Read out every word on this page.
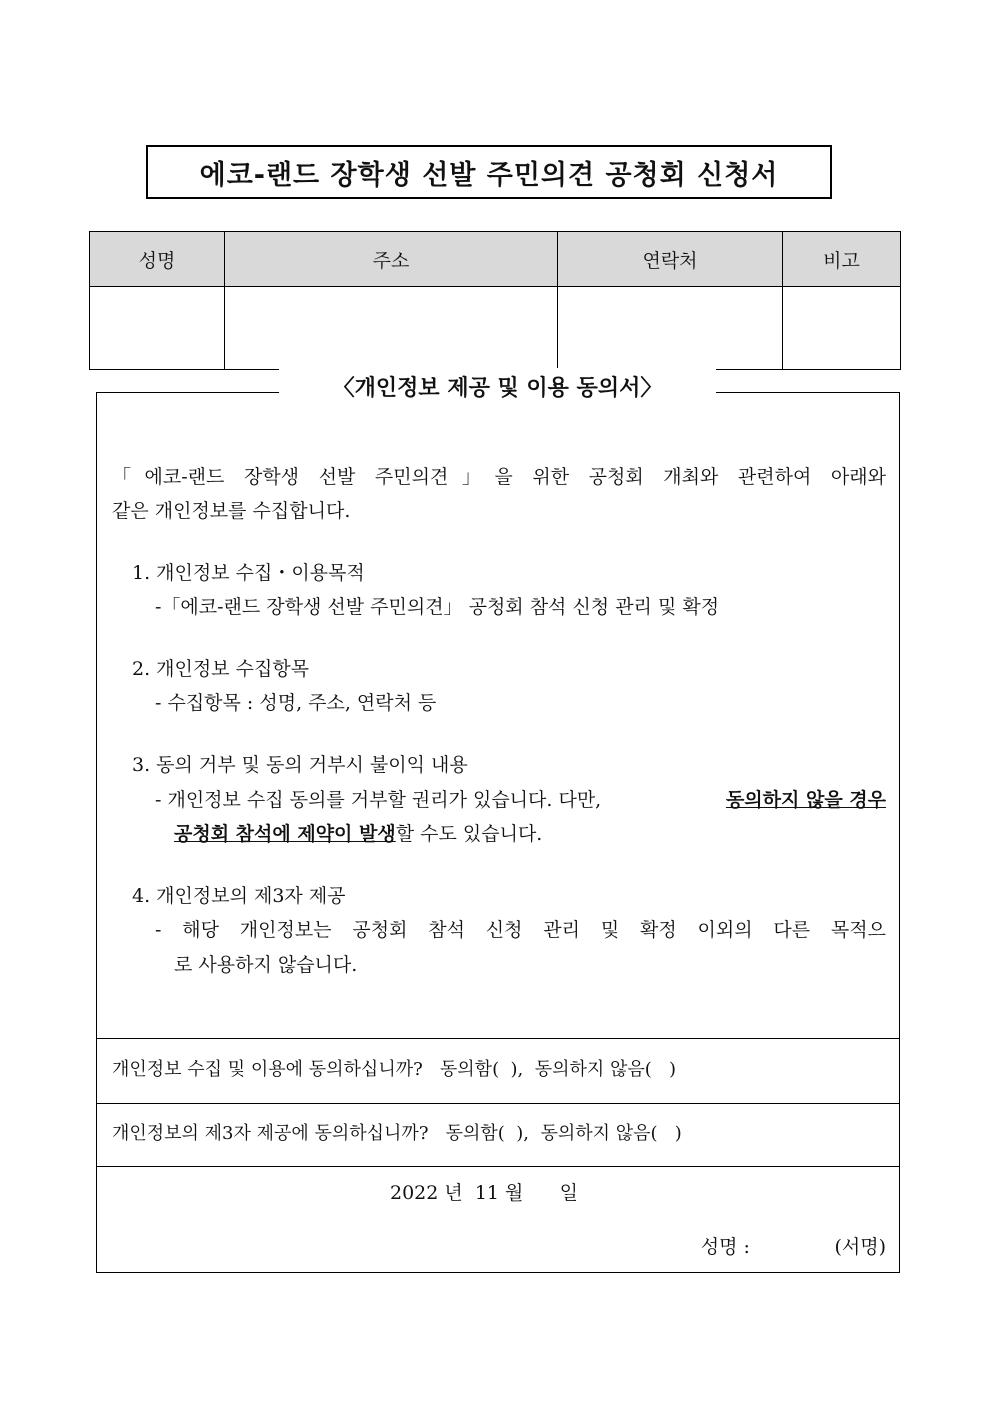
에코-랜드 장학생 선발 주민의견 공청회 신청서
성명	주소	연락처	비고

〈개인정보 제공 및 이용 동의서〉
「에코-랜드 장학생 선발 주민의견」을 위한 공청회 개최와 관련하여 아래와
같은 개인정보를 수집합니다.
1. 개인정보 수집・이용목적
-「에코-랜드 장학생 선발 주민의견」 공청회 참석 신청 관리 및 확정
2. 개인정보 수집항목
- 수집항목 : 성명, 주소, 연락처 등
3. 동의 거부 및 동의 거부시 불이익 내용
- 개인정보 수집 동의를 거부할 권리가 있습니다. 다만,	동의하지 않을 경우
공청회 참석에 제약이 발생할 수도 있습니다.
4. 개인정보의 제3자 제공
- 해당 개인정보는 공청회 참석 신청 관리 및 확정 이외의 다른 목적으
로 사용하지 않습니다.
개인정보 수집 및 이용에 동의하십니까?   동의함(  ),  동의하지 않음(   )
개인정보의 제3자 제공에 동의하십니까?   동의함(  ),  동의하지 않음(   )
2022 년  11 월      일
성명 :              (서명)
